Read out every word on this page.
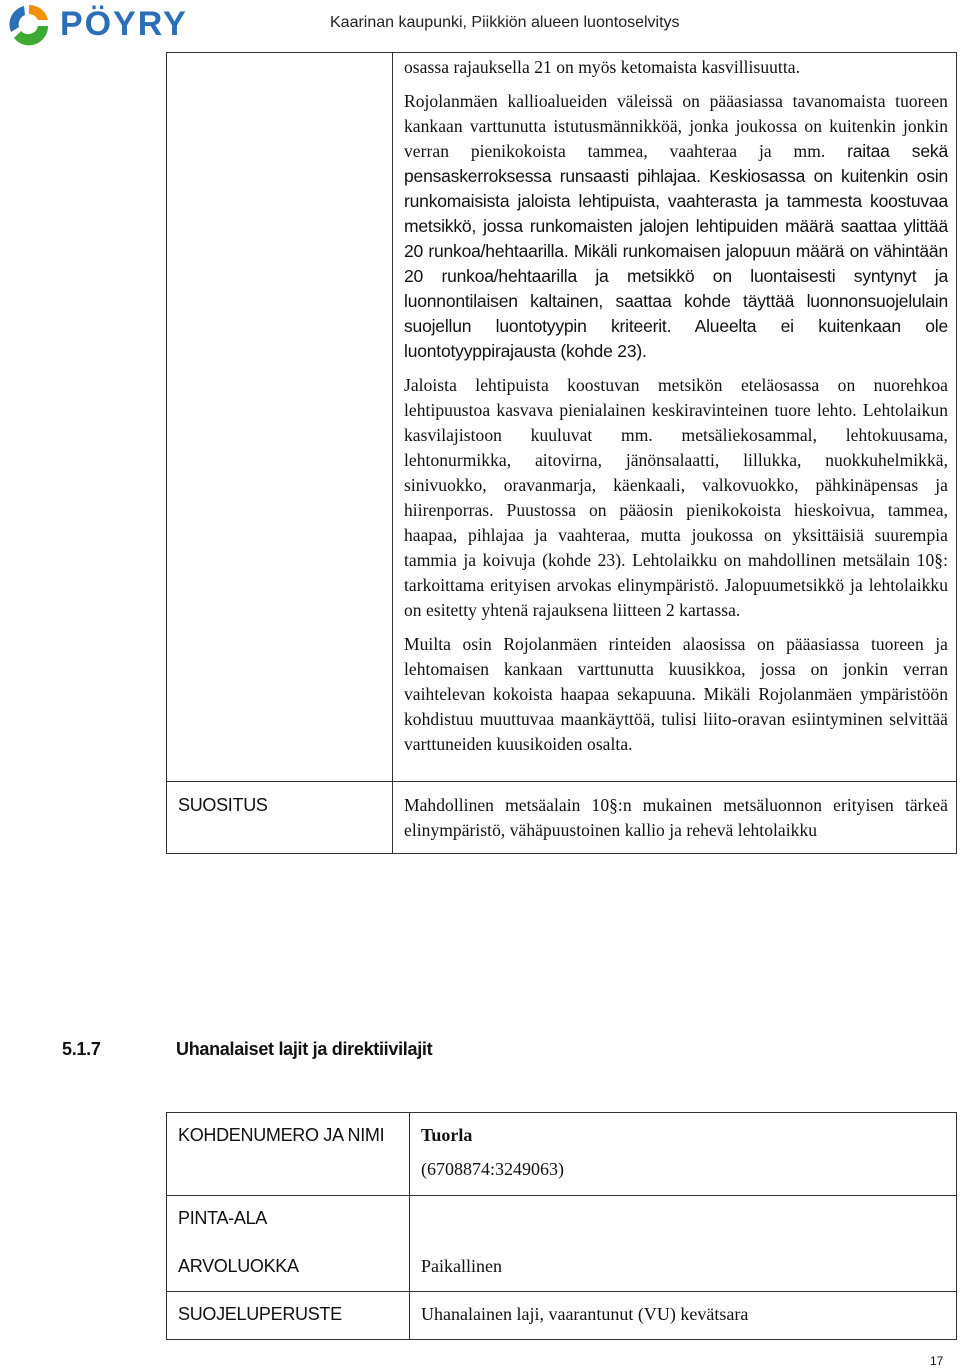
PÖYRY	Kaarinan kaupunki, Piikkiön alueen luontoselvitys

	osassa rajauksella 21 on myös ketomaista kasvillisuutta.

Rojolanmäen kallioalueiden väleissä on pääasiassa tavanomaista tuoreen kankaan varttunutta istutusmännikköä, jonka joukossa on kuitenkin jonkin verran pienikokoista tammea, vaahteraa ja mm. raitaa sekä pensaskerroksessa runsaasti pihlajaa. Keskiosassa on kuitenkin osin runkomaisista jaloista lehtipuista, vaahterasta ja tammesta koostuvaa metsikkö, jossa runkomaisten jalojen lehtipuiden määrä saattaa ylittää 20 runkoa/hehtaarilla. Mikäli runkomaisen jalopuun määrä on vähintään 20 runkoa/hehtaarilla ja metsikkö on luontaisesti syntynyt ja luonnontilaisen kaltainen, saattaa kohde täyttää luonnonsuojelulain suojellun luontotyypin kriteerit. Alueelta ei kuitenkaan ole luontotyyppirajausta (kohde 23).

Jaloista lehtipuista koostuvan metsikön eteläosassa on nuorehkoa lehtipuustoa kasvava pienialainen keskiravinteinen tuore lehto. Lehtolaikun kasvilajistoon kuuluvat mm. metsäliekosammal, lehtokuusama, lehtonurmikka, aitovirna, jänönsalaatti, lillukka, nuokkuhelmikkä, sinivuokko, oravanmarja, käenkaali, valkovuokko, pähkinäpensas ja hiirenporras. Puustossa on pääosin pienikokoista hieskoivua, tammea, haapaa, pihlajaa ja vaahteraa, mutta joukossa on yksittäisiä suurempia tammia ja koivuja (kohde 23). Lehtolaikku on mahdollinen metsälain 10§: tarkoittama erityisen arvokas elinympäristö. Jalopuumetsikkö ja lehtolaikku on esitetty yhtenä rajauksena liitteen 2 kartassa.

Muilta osin Rojolanmäen rinteiden alaosissa on pääasiassa tuoreen ja lehtomaisen kankaan varttunutta kuusikkoa, jossa on jonkin verran vaihtelevan kokoista haapaa sekapuuna. Mikäli Rojolanmäen ympäristöön kohdistuu muuttuvaa maankäyttöä, tulisi liito-oravan esiintyminen selvittää varttuneiden kuusikoiden osalta.

SUOSITUS	Mahdollinen metsäalain 10§:n mukainen metsäluonnon erityisen tärkeä elinympäristö, vähäpuustoinen kallio ja rehevä lehtolaikku

5.1.7	Uhanalaiset lajit ja direktiivilajit
KOHDENUMERO JA NIMI	Tuorla
(6708874:3249063)

PINTA-ALA	
ARVOLUOKKA	Paikallinen
SUOJELUPERUSTE	Uhanalainen laji, vaarantunut (VU) kevätsara
17
